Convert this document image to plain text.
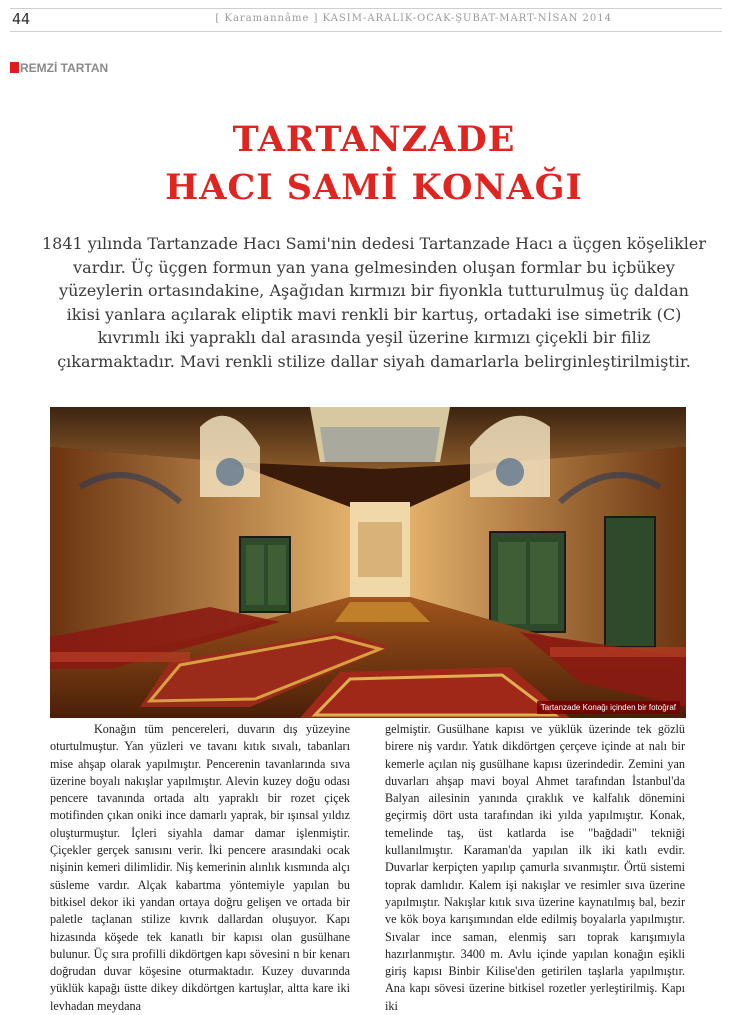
44	[ Karamannâme ] KASIM-ARALIK-OCAK-ŞUBAT-MART-NİSAN 2014
REMZİ TARTAN
TARTANZADE
HACI SAMİ KONAĞI
1841 yılında Tartanzade Hacı Sami'nin dedesi Tartanzade Hacı a üçgen köşelikler vardır. Üç üçgen formun yan yana gelmesinden oluşan formlar bu içbükey yüzeylerin ortasındakine, Aşağıdan kırmızı bir fiyonkla tutturulmuş üç daldan ikisi yanlara açılarak eliptik mavi renkli bir kartuş, ortadaki ise simetrik (C) kıvrımlı iki yapraklı dal arasında yeşil üzerine kırmızı çiçekli bir filiz çıkarmaktadır. Mavi renkli stilize dallar siyah damarlarla belirginleştirilmiştir.
Tartanzade Konağı içinden bir fotoğraf

Konağın tüm pencereleri, duvarın dış yüzeyine oturtulmuştur. Yan yüzleri ve tavanı kıtık sıvalı, tabanları mise ahşap olarak yapılmıştır. Pencerenin tavanlarında sıva üzerine boyalı nakışlar yapılmıştır. Alevin kuzey doğu odası pencere tavanında ortada altı yapraklı bir rozet çiçek motifinden çıkan oniki ince damarlı yaprak, bir ışınsal yıldız oluşturmuştur. İçleri siyahla damar damar işlenmiştir. Çiçekler gerçek sanısını verir. İki pencere arasındaki ocak nişinin kemeri dilimlidir. Niş kemerinin alınlık kısmında alçı süsleme vardır. Alçak kabartma yöntemiyle yapılan bu bitkisel dekor iki yandan ortaya doğru gelişen ve ortada bir paletle taçlanan stilize kıvrık dallardan oluşuyor. Kapı hizasında köşede tek kanatlı bir kapısı olan gusülhane bulunur. Üç sıra profilli dikdörtgen kapı sövesini n bir kenarı doğrudan duvar köşesine oturmaktadır. Kuzey duvarında yüklük kapağı üstte dikey dikdörtgen kartuşlar, altta kare iki levhadan meydana

gelmiştir. Gusülhane kapısı ve yüklük üzerinde tek gözlü birere niş vardır. Yatık dikdörtgen çerçeve içinde at nalı bir kemerle açılan niş gusülhane kapısı üzerindedir. Zemini yan duvarları ahşap mavi boyal Ahmet tarafından İstanbul'da Balyan ailesinin yanında çıraklık ve kalfalık dönemini geçirmiş dört usta tarafından iki yılda yapılmıştır. Konak, temelinde taş, üst katlarda ise "bağdadi" tekniği kullanılmıştır. Karaman'da yapılan ilk iki katlı evdir. Duvarlar kerpiçten yapılıp çamurla sıvanmıştır. Örtü sistemi toprak damlıdır. Kalem işi nakışlar ve resimler sıva üzerine yapılmıştır. Nakışlar kıtık sıva üzerine kaynatılmış bal, bezir ve kök boya karışımından elde edilmiş boyalarla yapılmıştır. Sıvalar ince saman, elenmiş sarı toprak karışımıyla hazırlanmıştır. 3400 m. Avlu içinde yapılan konağın eşikli giriş kapısı Binbir Kilise'den getirilen taşlarla yapılmıştır. Ana kapı sövesi üzerine bitkisel rozetler yerleştirilmiş. Kapı iki
